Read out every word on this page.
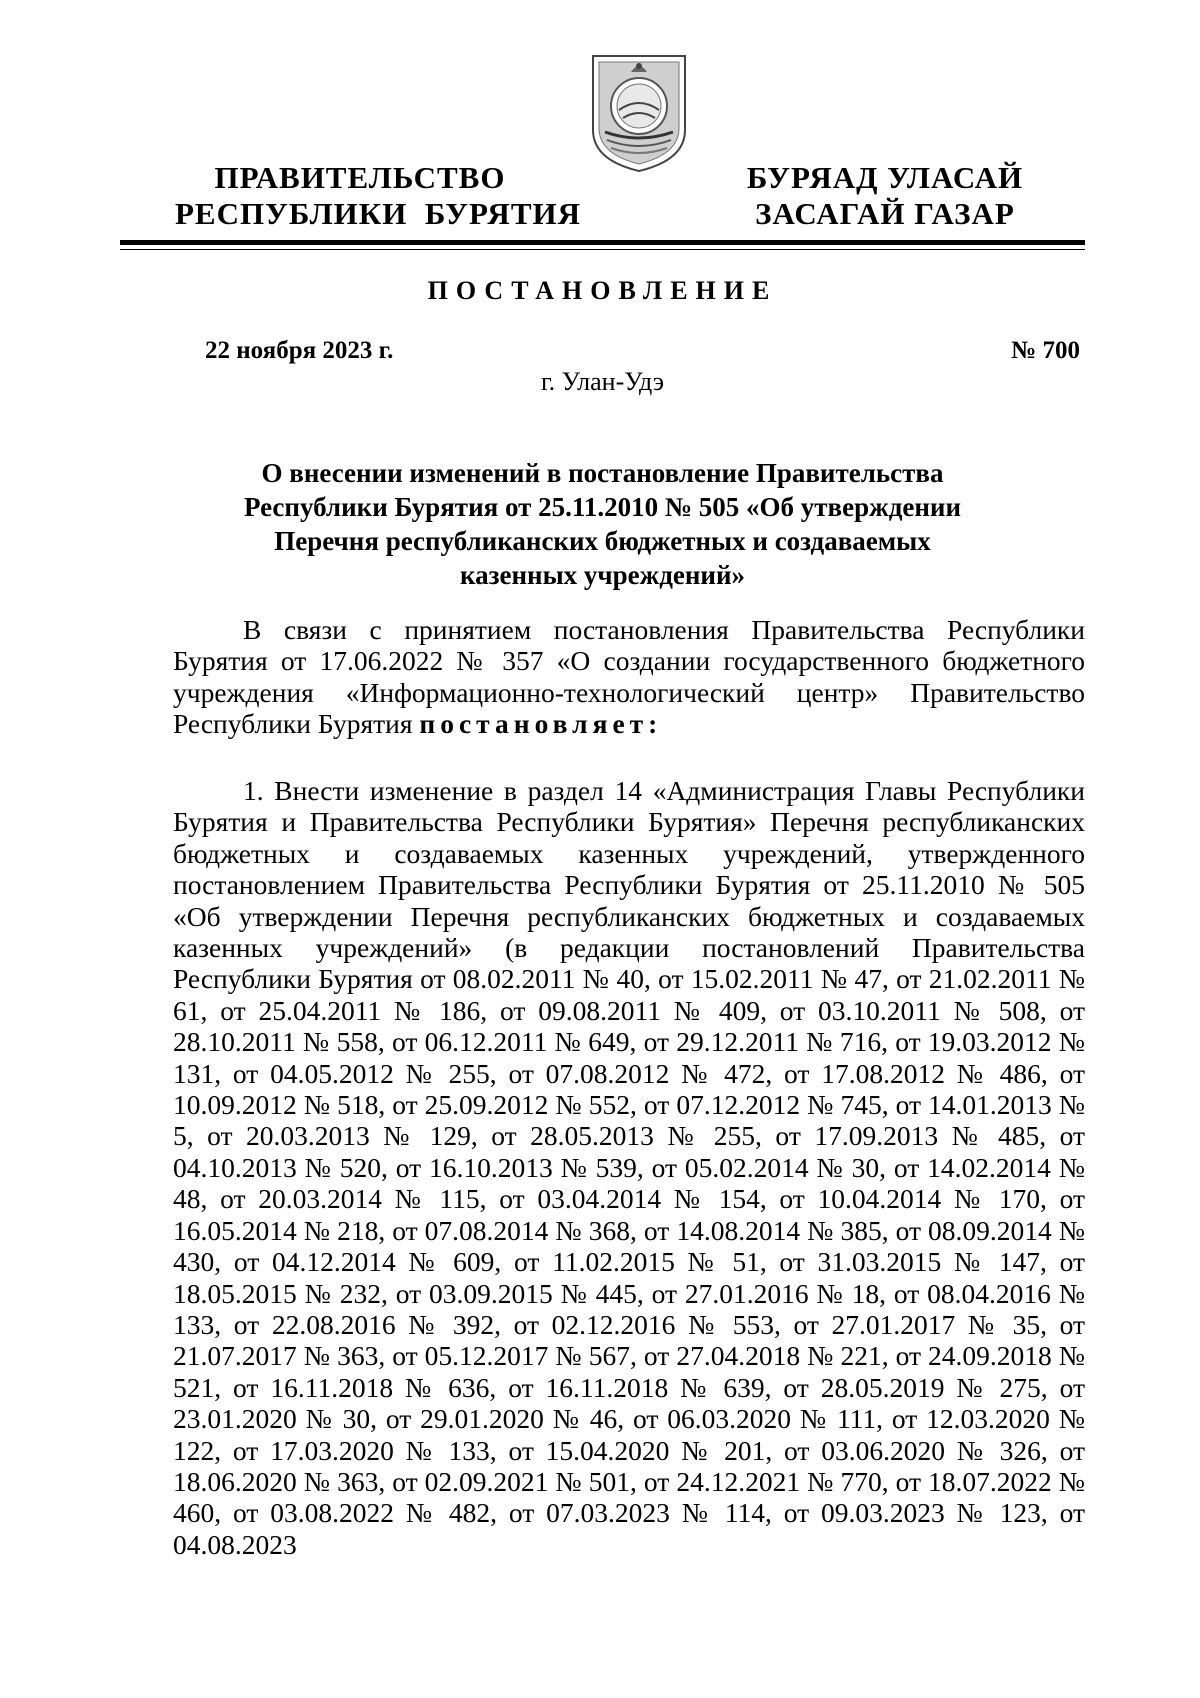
ПРАВИТЕЛЬСТВО
РЕСПУБЛИКИ  БУРЯТИЯ
БУРЯАД УЛАСАЙ
ЗАСАГАЙ ГАЗАР
ПОСТАНОВЛЕНИЕ
22 ноября 2023 г.	№ 700
г. Улан-Удэ
О внесении изменений в постановление Правительства
Республики Бурятия от 25.11.2010 № 505 «Об утверждении
Перечня республиканских бюджетных и создаваемых
казенных учреждений»
В связи с принятием постановления Правительства Республики Бурятия от 17.06.2022 № 357 «О создании государственного бюджетного учреждения «Информационно-технологический центр» Правительство Республики Бурятия постановляет:
1. Внести изменение в раздел 14 «Администрация Главы Республики Бурятия и Правительства Республики Бурятия» Перечня республиканских бюджетных и создаваемых казенных учреждений, утвержденного постановлением Правительства Республики Бурятия от 25.11.2010 № 505 «Об утверждении Перечня республиканских бюджетных и создаваемых казенных учреждений» (в редакции постановлений Правительства Республики Бурятия от 08.02.2011 № 40, от 15.02.2011 № 47, от 21.02.2011 № 61, от 25.04.2011 № 186, от 09.08.2011 № 409, от 03.10.2011 № 508, от 28.10.2011 № 558, от 06.12.2011 № 649, от 29.12.2011 № 716, от 19.03.2012 № 131, от 04.05.2012 № 255, от 07.08.2012 № 472, от 17.08.2012 № 486, от 10.09.2012 № 518, от 25.09.2012 № 552, от 07.12.2012 № 745, от 14.01.2013 № 5, от 20.03.2013 № 129, от 28.05.2013 № 255, от 17.09.2013 № 485, от 04.10.2013 № 520, от 16.10.2013 № 539, от 05.02.2014 № 30, от 14.02.2014 № 48, от 20.03.2014 № 115, от 03.04.2014 № 154, от 10.04.2014 № 170, от 16.05.2014 № 218, от 07.08.2014 № 368, от 14.08.2014 № 385, от 08.09.2014 № 430, от 04.12.2014 № 609, от 11.02.2015 № 51, от 31.03.2015 № 147, от 18.05.2015 № 232, от 03.09.2015 № 445, от 27.01.2016 № 18, от 08.04.2016 № 133, от 22.08.2016 № 392, от 02.12.2016 № 553, от 27.01.2017 № 35, от 21.07.2017 № 363, от 05.12.2017 № 567, от 27.04.2018 № 221, от 24.09.2018 № 521, от 16.11.2018 № 636, от 16.11.2018 № 639, от 28.05.2019 № 275, от 23.01.2020 № 30, от 29.01.2020 № 46, от 06.03.2020 № 111, от 12.03.2020 № 122, от 17.03.2020 № 133, от 15.04.2020 № 201, от 03.06.2020 № 326, от 18.06.2020 № 363, от 02.09.2021 № 501, от 24.12.2021 № 770, от 18.07.2022 № 460, от 03.08.2022 № 482, от 07.03.2023 № 114, от 09.03.2023 № 123, от 04.08.2023
